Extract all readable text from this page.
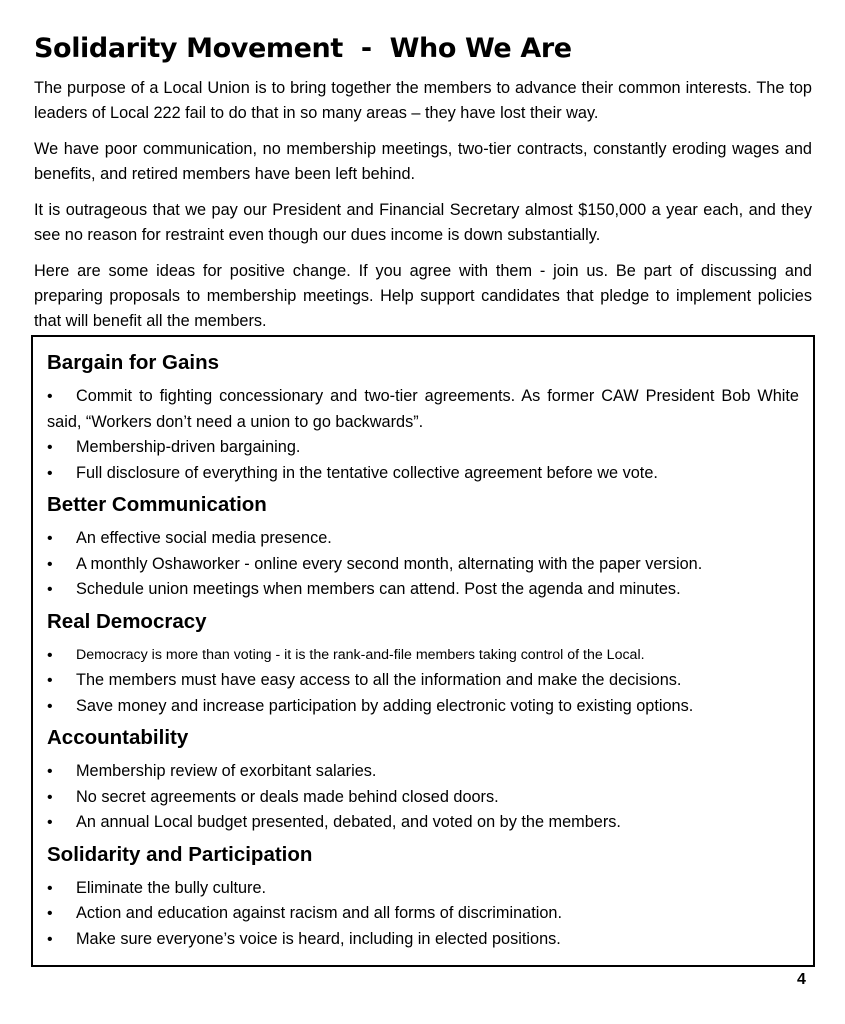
Solidarity Movement  -  Who We Are

The purpose of a Local Union is to bring together the members to advance their common interests. The top leaders of Local 222 fail to do that in so many areas – they have lost their way.

We have poor communication, no membership meetings, two-tier contracts, constantly eroding wages and benefits, and retired members have been left behind.

It is outrageous that we pay our President and Financial Secretary almost $150,000 a year each, and they see no reason for restraint even though our dues income is down substantially.

Here are some ideas for positive change. If you agree with them - join us. Be part of discussing and preparing proposals to membership meetings. Help support candidates that pledge to implement policies that will benefit all the members.

Bargain for Gains
•
Commit to fighting concessionary and two-tier agreements. As former CAW President Bob White said, “Workers don’t need a union to go backwards”.
•
Membership-driven bargaining.
•
Full disclosure of everything in the tentative collective agreement before we vote.
Better Communication
•
An effective social media presence.
•
A monthly Oshaworker - online every second month, alternating with the paper version.
•
Schedule union meetings when members can attend. Post the agenda and minutes.
Real Democracy
•
Democracy is more than voting - it is the rank-and-file members taking control of the Local.
•
The members must have easy access to all the information and make the decisions.
•
Save money and increase participation by adding electronic voting to existing options.
Accountability
•
Membership review of exorbitant salaries.
•
No secret agreements or deals made behind closed doors.
•
An annual Local budget presented, debated, and voted on by the members.
Solidarity and Participation
•
Eliminate the bully culture.
•
Action and education against racism and all forms of discrimination.
•
Make sure everyone’s voice is heard, including in elected positions.
4
